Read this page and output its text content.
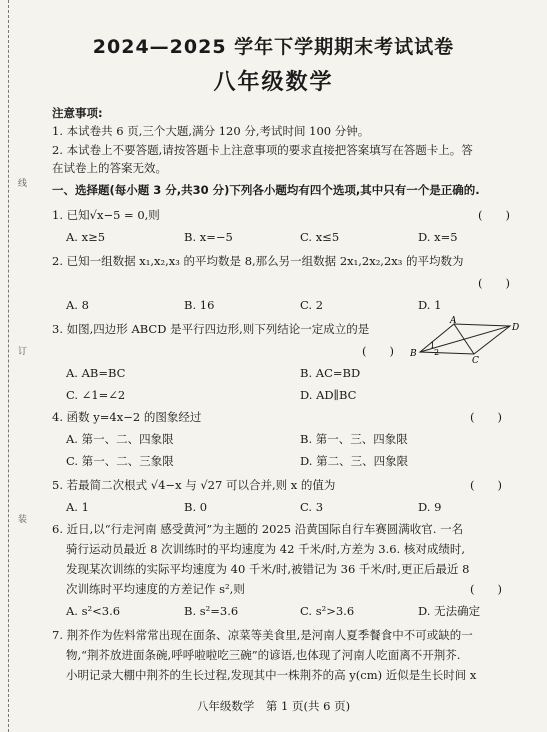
线
订
装
2024—2025 学年下学期期末考试试卷
八年级数学
注意事项:
1. 本试卷共 6 页,三个大题,满分 120 分,考试时间 100 分钟。
2. 本试卷上不要答题,请按答题卡上注意事项的要求直接把答案填写在答题卡上。答
在试卷上的答案无效。
一、选择题(每小题 3 分,共30 分)下列各小题均有四个选项,其中只有一个是正确的.
1. 已知√x−5 = 0,则	(　　)
A. x≥5	B. x=−5	C. x≤5	D. x=5
2. 已知一组数据 x₁,x₂,x₃ 的平均数是 8,那么另一组数据 2x₁,2x₂,2x₃ 的平均数为
(　　)
A. 8	B. 16	C. 2	D. 1
3. 如图,四边形 ABCD 是平行四边形,则下列结论一定成立的是
(　　)
A
B
C
D
1
2
A. AB=BC	B. AC=BD
C. ∠1=∠2	D. AD∥BC
4. 函数 y=4x−2 的图象经过	(　　)
A. 第一、二、四象限	B. 第一、三、四象限
C. 第一、二、三象限	D. 第二、三、四象限
5. 若最简二次根式 √4−x 与 √27 可以合并,则 x 的值为	(　　)
A. 1	B. 0	C. 3	D. 9
6. 近日,以“行走河南 感受黄河”为主题的 2025 沿黄国际自行车赛圆满收官. 一名
骑行运动员最近 8 次训练时的平均速度为 42 千米/时,方差为 3.6. 核对成绩时,
发现某次训练的实际平均速度为 40 千米/时,被错记为 36 千米/时,更正后最近 8
次训练时平均速度的方差记作 s²,则	(　　)
A. s²<3.6	B. s²=3.6	C. s²>3.6	D. 无法确定
7. 荆芥作为佐料常常出现在面条、凉菜等美食里,是河南人夏季餐食中不可或缺的一
物,“荆芥放进面条碗,呼呼啦啦吃三碗”的谚语,也体现了河南人吃面离不开荆芥.
小明记录大棚中荆芥的生长过程,发现其中一株荆芥的高 y(cm) 近似是生长时间 x
八年级数学　第 1 页(共 6 页)
